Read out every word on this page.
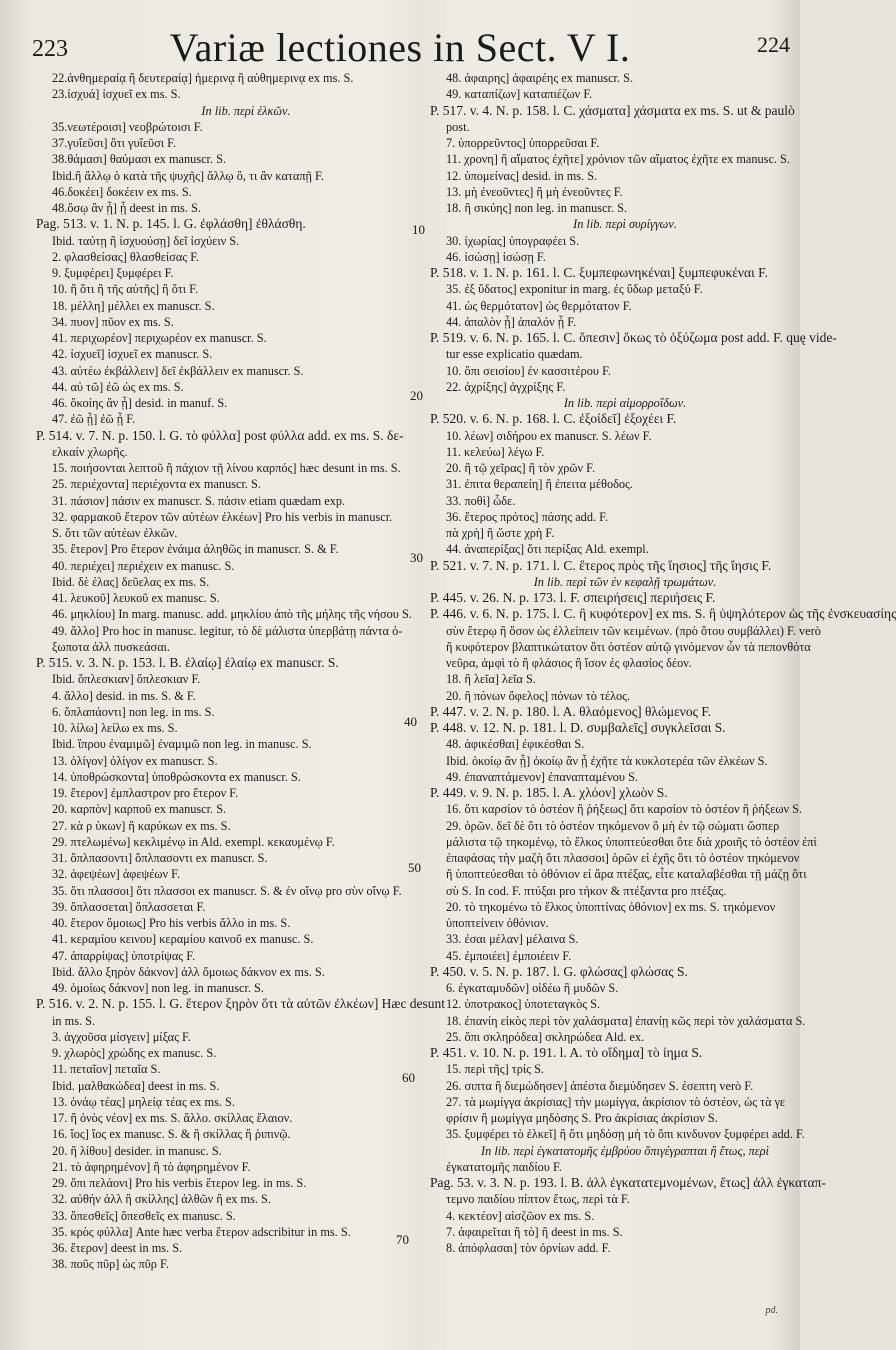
223	Variæ lectiones in Sect. V I.	224
22.ἀνθημεραίᾳ ἢ δευτεραίᾳ] ἡμερινᾳ ἢ αὐθημερινᾳ ex ms. S.
23.ἰσχυά] ἰσχυεῖ ex ms. S.
In lib. περὶ ἑλκῶν.
35.νεωτέροισι] νεοβρώτοισι F.
37.γυΐεῦσι] ὅτι γυΐεῦσι F.
38.θάμασι] θαύμασι ex manuscr. S.
Ibid.ἢ ἄλλῳ ὁ κατὰ τῆς ψυχῆς] ἄλλῳ ὃ, τι ἂν καταπῇ F.
46.δοκέει] δοκέειν ex ms. S.
48.ὅσῳ ἂν ᾖ] ᾖ deest in ms. S.
Pag. 513. v. 1. N. p. 145. l. G. ἐφλάσθη] ἐθλάσθη.
Ibid. ταύτῃ ἢ ἰσχυούσῃ] δεῖ ἰσχύειν S.
2. φλασθείσας] θλασθείσας F.
9. ξυμφέρει] ξυμφέρει F.
10. ἢ ὅτι ἢ τῆς αὐτῆς] ἢ ὅτι F.
18. μέλλη] μέλλει ex manuscr. S.
34. πυον] πῦον ex ms. S.
41. περιχωρέον] περιχωρέον ex manuscr. S.
42. ἰσχυεῖ] ἰσχυεῖ ex manuscr. S.
43. αὐτέω ἐκβάλλειν] δεῖ ἐκβάλλειν ex manuscr. S.
44. αὐ τῶ] ἐῶ ὡς ex ms. S.
46. ὅκοίης ἂν ᾖ] desid. in manuf. S.
47. ἐῶ ᾖ] ἐῶ ᾖ F.
P. 514. v. 7. N. p. 150. l. G. τὸ φύλλα] post φύλλα add. ex ms. S. δε-
ελκαίν χλωρῆς.
15. ποιήσονται λεπτοῦ ἢ πάχιον τῇ λίνου καρπός] hæc desunt in ms. S.
25. περιέχοντα] περιέχοντα ex manuscr. S.
31. πάσιον] πάσιν ex manuscr. S. πάσιν etiam quædam exp.
32. φαρμακοῦ ἕτερον τῶν αὐτέων ἐλκέων] Pro his verbis in manuscr.
S. ὅτι τῶν αὐτέων ἐλκῶν.
35. ἕτερον] Pro ἕτερον ἐνάιμα ἀληθῶς in manuscr. S. & F.
40. περιέχει] περιέχειν ex manusc. S.
Ibid. δὲ ἐλας] δεῦελας ex ms. S.
41. λευκοῦ] λευκοῦ ex manusc. S.
46. μηκλίου] In marg. manusc. add. μηκλίου ἀπὸ τῆς μήλης τῆς νήσου S.
49. ἄλλο] Pro hoc in manusc. legitur, τὸ δὲ μάλιστα ὑπερβάτῃ πάντα ὀ-
ξωποτα ἀλλ πυσκεάσαι.
P. 515. v. 3. N. p. 153. l. B. ἐλαίῳ] ἐλαίῳ ex manuscr. S.
Ibid. ὅπλεσκιαν] ὅπλεσκιαν F.
4. ἄλλο] desid. in ms. S. & F.
6. ὅπλαπάοντι] non leg. in ms. S.
10. λίλω] λείλω ex ms. S.
Ibid. ἵπρου ἐναμιμῶ] ἐναμιμῶ non leg. in manusc. S.
13. ὀλίγον] ὀλίγον ex manuscr. S.
14. ὑποθρώσκοντα] ὑποθρώσκοντα ex manuscr. S.
19. ἕτερον] ἐμπλαστρον pro ἕτερον F.
20. καρπὸν] καρποῦ ex manuscr. S.
27. κὰ ρ ὑκων] ἢ καρύκων ex ms. S.
29. πτελωμένω] κεκλιμένῳ in Ald. exempl. κεκαυμένῳ F.
31. ὅπλπασοντι] ὅπλπασοντι ex manuscr. S.
32. ἀφεψέων] ἀφεψέων F.
35. ὅτι πλασσοι] ὅτι πλασσοι ex manuscr. S. & ἐν οἴνῳ pro σὺν οἴνῳ F.
39. ὅπλασσεται] ὅπλασσεται F.
40. ἕτερον ὅμοιως] Pro his verbis ἄλλο in ms. S.
41. κεραμίου κεινου] κεραμίου καινοῦ ex manusc. S.
47. ἀπαρρίψας] ὑποτρίψας F.
Ibid. ἄλλο ξηρὸν δάκνον] ἀλλ ὅμοιως δάκνον ex ms. S.
49. ὁμοίως δάκνον] non leg. in manuscr. S.
P. 516. v. 2. N. p. 155. l. G. ἕτερον ξηρὸν ὅτι τὰ αὐτῶν ἐλκέων] Hæc desunt
in ms. S.
3. ἀγχοῦσα μίσγειν] μίξας F.
9. χλωρὸς] χρώδης ex manusc. S.
11. πεταῖον] πεταῖα S.
Ibid. μαλθακώδεα] deest in ms. S.
13. ὀνάῳ τέας] μηλείᾳ τέας ex ms. S.
17. ἢ ὀνὸς νέον] ex ms. S. ἄλλο. σκίλλας ἔλαιον.
16. ἴος] ἴος ex manusc. S. & ἢ σκίλλας ἢ ῥιπινῷ.
20. ἢ λίθου] desider. in manusc. S.
21. τὸ ἀφηρημένον] ἢ τὸ ἀφηρημένον F.
29. ὅπι πελάονι] Pro his verbis ἕτερον leg. in ms. S.
32. αὐθήν ἀλλ ἢ σκίλλης] ἀλθῶν ἢ ex ms. S.
33. ὅπεσθεῖς] ὅπεσθεῖς ex manusc. S.
35. κρὸς φύλλα] Ante hæc verba ἕτερον adscribitur in ms. S.
36. ἕτερον] deest in ms. S.
38. ποῦς πῦρ] ὡς πῦρ F.
48. ἀφαιρης] ἀφαιρέης ex manuscr. S.
49. καταπίζων] καταπιέζων F.
P. 517. v. 4. N. p. 158. l. C. χάσματα] χάσματα ex ms. S. ut & paulò
post.
7. ὑπορρεῦντος] ὑπορρεῦσαι F.
11. χρονη] ἢ αἵματος ἐχῆτε] χρόνιον τῶν αἵματος ἐχῆτε ex manusc. S.
12. ὑπομείνας] desid. in ms. S.
13. μὴ ἐνεοῦντες] ἢ μὴ ἐνεοῦντες F.
18. ἢ σικύης] non leg. in manuscr. S.
In lib. περὶ συρίγγων.
30. ἰχωρίας] ὑπογραφέει S.
46. ἰσώσῃ] ἰσώσῃ F.
P. 518. v. 1. N. p. 161. l. C. ξυμπεφωνηκέναι] ξυμπεφυκέναι F.
35. ἐξ ὕδατος] exponitur in marg. ἐς ὕδωρ μεταξύ F.
41. ὡς θερμότατον] ὡς θερμότατον F.
44. ἀπαλὸν ᾖ] ἁπαλόν ᾖ F.
P. 519. v. 6. N. p. 165. l. C. ὅπεσιν] ὅκως τὸ ὀξύζωμα post add. F. quę vide-
tur esse explicatio quædam.
10. ὅπι σεισίου] ἐν κασσιτέρου F.
22. ἀχρίξης] ἀγχρίξης F.
In lib. περὶ αἱμορροΐδων.
P. 520. v. 6. N. p. 168. l. C. ἐξοίδεῖ] ἐξοχέει F.
10. λέων] σιδήρου ex manuscr. S. λέων F.
11. κελεύω] λέγω F.
20. ἢ τῷ χεῖρας] ἢ τὸν χρῶν F.
31. ἐπιτα θεραπείη] ἢ ἐπειτα μέθοδος.
33. ποθὶ] ὧδε.
36. ἕτερος πρότος] πάσης add. F.
πὰ χρὴ] ἢ ὥστε χρὴ F.
44. ἀναπερίξας] ὅτι περίξας Ald. exempl.
P. 521. v. 7. N. p. 171. l. C. ἕτερος πρὸς τῆς ἴησιος] τῆς ἴησις F.
In lib. περὶ τῶν ἐν κεφαλῇ τρωμάτων.
P. 445. v. 26. N. p. 173. l. F. σπειρήσεις] περιήσεις F.
P. 446. v. 6. N. p. 175. l. C. ἢ κυφότερον] ex ms. S. ἢ ὑψηλότερον ὡς τῆς ἐνσκευασίης
σὺν ἕτερῳ ἢ ὅσον ὡς ἐλλείπειν τῶν κειμένων. (πρὸ ὅτου συμβάλλει) F. verò
ἢ κυφότερον βλαπτικώτατον ὅτι ὀστέον αὐτῷ γινόμενον ὧν τὰ πεπονθότα
νεῦρα, ἀμφὶ τὸ ἢ φλάσιος ἢ ἴσον ἐς φλασίος δέον.
18. ἢ λεῖα] λεῖα S.
20. ἢ πόνων ὄφελος] πόνων τὸ τέλος.
P. 447. v. 2. N. p. 180. l. A. θλαόμενος] θλώμενος F.
P. 448. v. 12. N. p. 181. l. D. συμβαλεῖς] συγκλεῖσαι S.
48. ἀφικέσθαι] ἐφικέσθαι S.
Ibid. ὁκοίῳ ἂν ᾖ] ὁκοίῳ ἂν ᾖ ἐχῆτε τὰ κυκλοτερέα τῶν ἐλκέων S.
49. ἐπαναπτάμενον] ἐπαναπταμένου S.
P. 449. v. 9. N. p. 185. l. A. χλόον] χλωὸν S.
16. ὅτι καρσίον τὸ ὀστέον ἢ ῥήξεως] ὅτι καρσίον τὸ ὀστέον ἢ ῥήξεων S.
29. ὁρῶν. δεῖ δὲ ὅτι τὸ ὀστέον τηκόμενον ὅ μὴ ἐν τῷ σώματι ὥσπερ
μάλιστα τῷ τηκομένῳ, τὸ ἕλκος ὑποπτεύεσθαι ὅτε διὰ χροιῆς τὸ ὀστέον ἐπὶ
ἐπαφάσας τὴν μαζὴ ὅτι πλασσοι] ὁρῶν εἰ ἐχῆς ὅτι τὸ ὀστέον τηκόμενον
ἢ ὑποπτεύεσθαι τὸ ὀθόνιον εἰ ἄρα πτέξας, εἶτε καταλαβέσθαι τῇ μάζῃ ὅτι
σὺ S. In cod. F. πτύξαι pro τήκον & πτέξαντα pro πτέξας.
20. τὸ τηκομένω τὸ ἕλκος ὑποπτίνας ὀθόνιον] ex ms. S. τηκόμενον
ὑποπτείνειν ὀθόνιον.
33. ἐσαι μέλαν] μέλαινα S.
45. ἐμποιέει] ἐμποιέειν F.
P. 450. v. 5. N. p. 187. l. G. φλώσας] φλώσας S.
6. ἐγκαταμυδῶν] οἰδέω ἢ μυδῶν S.
12. ὑποτρακος] ὑποτεταγκὸς S.
18. ἐπανίη εἰκὸς περὶ τὸν χαλάσματα] ἐπανίῃ κῶς περὶ τὸν χαλάσματα S.
25. ὅπι σκληρόδεα] σκληρώδεα Ald. ex.
P. 451. v. 10. N. p. 191. l. A. τὸ οἴδημα] τὸ ἰημα S.
15. περὶ τῆς] τρίς S.
26. σιπτα ἢ διεμώδησεν] ἀπέστα διεμύδησεν S. ἐσεπτη verò F.
27. τὰ μωμίγγα ἀκρίσιας] τὴν μωμίγγα, ἀκρίσιον τὸ ὀστέον, ὡς τὰ γε
φρίσιν ἢ μωμίγγα μηδόσης S. Pro ἀκρίσιας ἀκρίσιον S.
35. ξυμφέρει τὸ ἐλκεῖ] ἢ ὅτι μηδόσῃ μὴ τὸ ὅπι κινδυνον ξυμφέρει add. F.
In lib. περὶ ἐγκατατομῆς ἐμβρύου ὅπιγέγραπται ἢ ἔτως, περὶ
ἐγκατατομῆς παιδίου F.
Pag. 53. v. 3. N. p. 193. l. B. ἀλλ ἐγκατατεμνομένων, ἔτως] ἀλλ ἐγκαταπ-
τεμνο παιδίου πίπτον ἔτως, περὶ τὰ F.
4. κεκτέον] αἰσζῶον ex ms. S.
7. ἀφαιρεῖται ἢ τὸ] ἢ deest in ms. S.
8. ἀπόφλασαι] τὸν ὀρνίων add. F.
10
20
30
40
50
60
70
pd.
